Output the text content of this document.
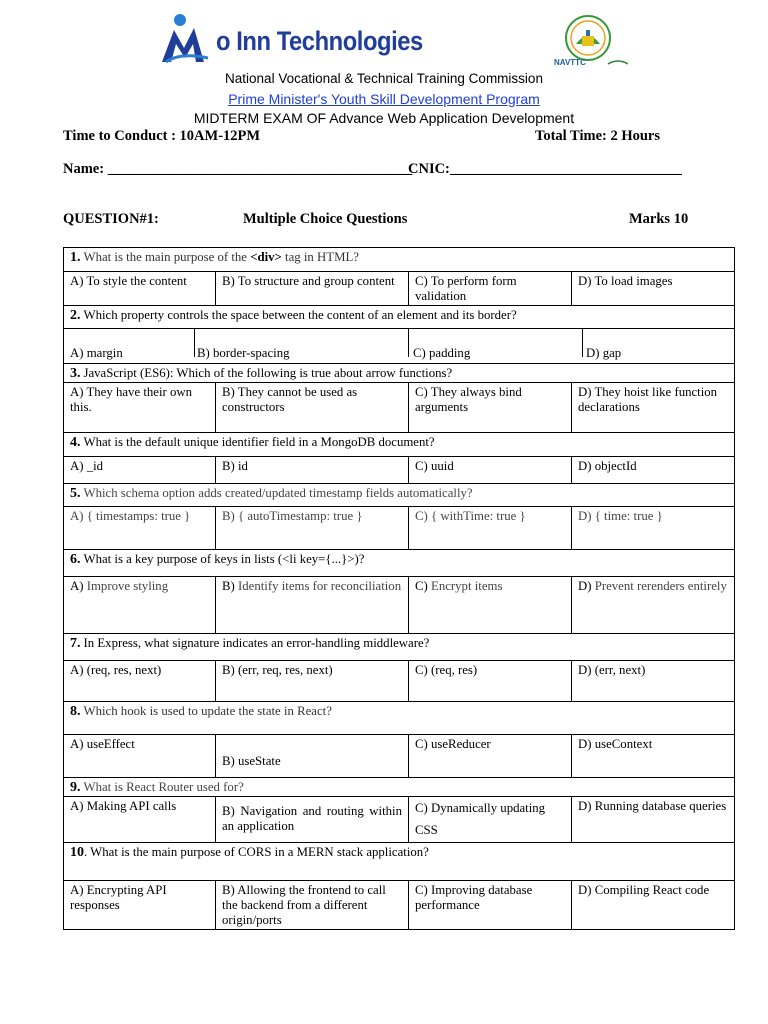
o Inn Technologies
NAVTTC
National Vocational & Technical Training Commission
Prime Minister's Youth Skill Development Program
MIDTERM EXAM OF Advance Web Application Development
Time to Conduct : 10AM-12PM	Total Time: 2 Hours
Name: __________________________________________
CNIC:________________________________
QUESTION#1:	Multiple Choice Questions	Marks 10
1. What is the main purpose of the <div> tag in HTML?			
A) To style the content	B) To structure and group content	C) To perform form validation	D) To load images
2. Which property controls the space between the content of an element and its border?			

A) margin B) border-spacing C) padding D) gap			

3. JavaScript (ES6): Which of the following is true about arrow functions?			
A) They have their own this.	B) They cannot be used as constructors	C) They always bind arguments	D) They hoist like function declarations
4. What is the default unique identifier field in a MongoDB document?			
A) _id	B) id	C) uuid	D) objectId
5. Which schema option adds created/updated timestamp fields automatically?			
A) { timestamps: true }	B) { autoTimestamp: true }	C) { withTime: true }	D) { time: true }
6. What is a key purpose of keys in lists (<li key={...}>)?			
A) Improve styling	B) Identify items for reconciliation	C) Encrypt items	D) Prevent rerenders entirely
7. In Express, what signature indicates an error-handling middleware?			
A) (req, res, next)	B) (err, req, res, next)	C) (req, res)	D) (err, next)
8. Which hook is used to update the state in React?			
A) useEffect	B) useState	C) useReducer	D) useContext
9. What is React Router used for?			
A) Making API calls	B) Navigation and routing within an application	C) Dynamically updating CSS	D) Running database queries
10. What is the main purpose of CORS in a MERN stack application?			
A) Encrypting API responses	B) Allowing the frontend to call the backend from a different origin/ports	C) Improving database performance	D) Compiling React code
